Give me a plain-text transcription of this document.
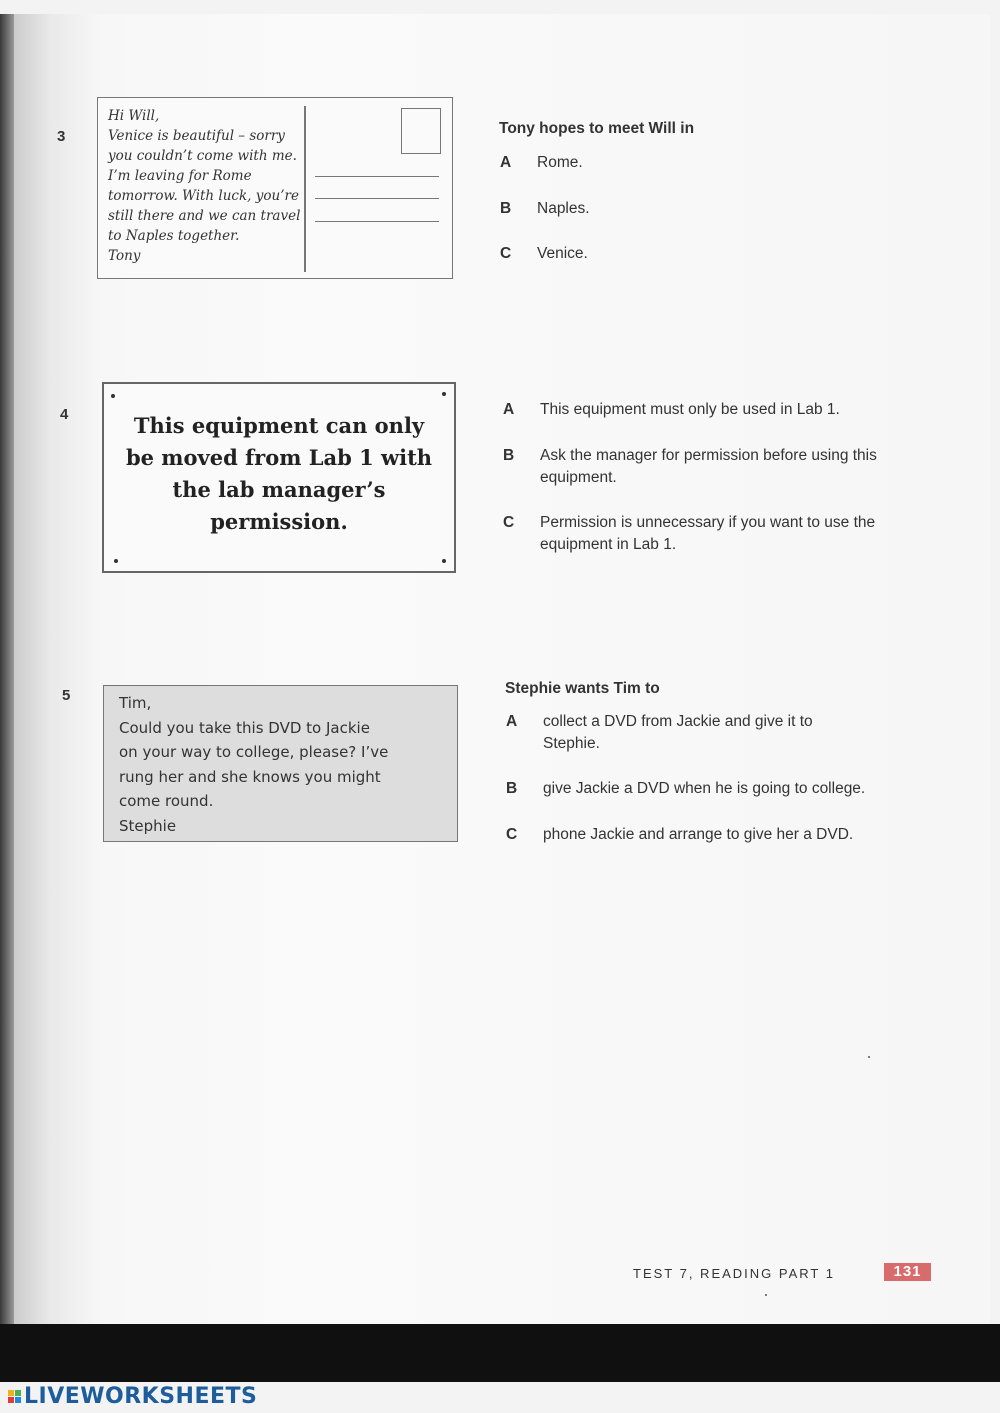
3
Hi Will,
Venice is beautiful – sorry
you couldn’t come with me.
I’m leaving for Rome
tomorrow. With luck, you’re
still there and we can travel
to Naples together.
Tony
Tony hopes to meet Will in
A Rome.
B Naples.
C Venice.
4	This equipment can only be moved from Lab 1 with the lab manager’s permission.
A This equipment must only be used in Lab 1.
B Ask the manager for permission before using this equipment.
C Permission is unnecessary if you want to use the equipment in Lab 1.
5	Tim,
Could you take this DVD to Jackie
on your way to college, please? I’ve
rung her and she knows you might
come round.
Stephie
Stephie wants Tim to
A collect a DVD from Jackie and give it to Stephie.
B give Jackie a DVD when he is going to college.
C phone Jackie and arrange to give her a DVD.
TEST 7, READING PART 1	131
LIVEWORKSHEETS
